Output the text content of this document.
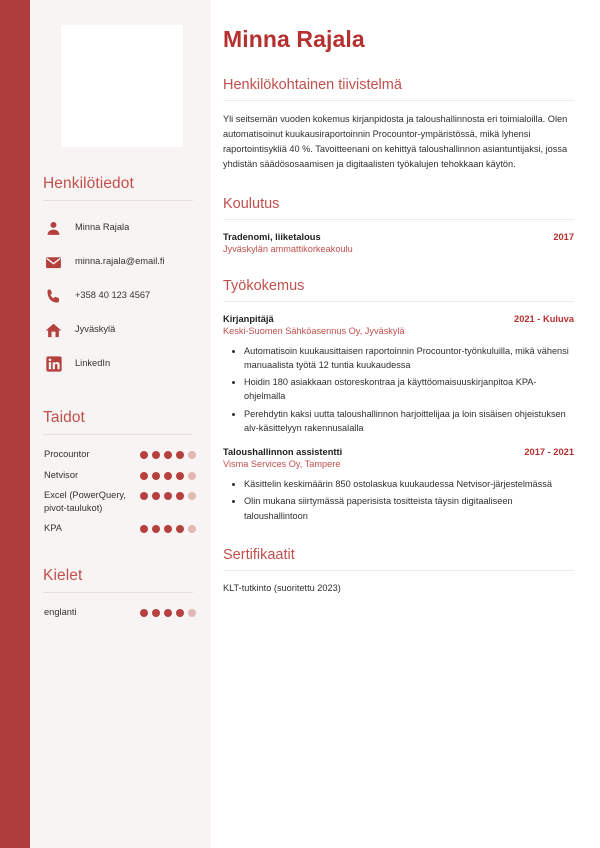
Henkilötiedot
Minna Rajala
minna.rajala@email.fi
+358 40 123 4567
Jyväskylä
LinkedIn
Taidot
Procountor
Netvisor
Excel (PowerQuery, pivot-taulukot)
KPA
Kielet
englanti
Minna Rajala
Henkilökohtainen tiivistelmä

Yli seitsemän vuoden kokemus kirjanpidosta ja taloushallinnosta eri toimialoilla. Olen automatisoinut kuukausiraportoinnin Procountor-ympäristössä, mikä lyhensi raportointisykliä 40 %. Tavoitteenani on kehittyä taloushallinnon asiantuntijaksi, jossa yhdistän säädösosaamisen ja digitaalisten työkalujen tehokkaan käytön.

Koulutus
Tradenomi, liiketalous	2017
Jyväskylän ammattikorkeakoulu
Työkokemus
Kirjanpitäjä	2021 - Kuluva
Keski-Suomen Sähköasennus Oy, Jyväskylä
• Automatisoin kuukausittaisen raportoinnin Procountor-työnkuluilla, mikä vähensi manuaalista työtä 12 tuntia kuukaudessa
• Hoidin 180 asiakkaan ostoreskontraa ja käyttöomaisuuskirjanpitoa KPA-ohjelmalla
• Perehdytin kaksi uutta taloushallinnon harjoittelijaa ja loin sisäisen ohjeistuksen alv-käsittelyyn rakennusalalla
Taloushallinnon assistentti	2017 - 2021
Visma Services Oy, Tampere
• Käsittelin keskimäärin 850 ostolaskua kuukaudessa Netvisor-järjestelmässä
• Olin mukana siirtymässä paperisista tositteista täysin digitaaliseen taloushallintoon
Sertifikaatit
KLT-tutkinto (suoritettu 2023)
